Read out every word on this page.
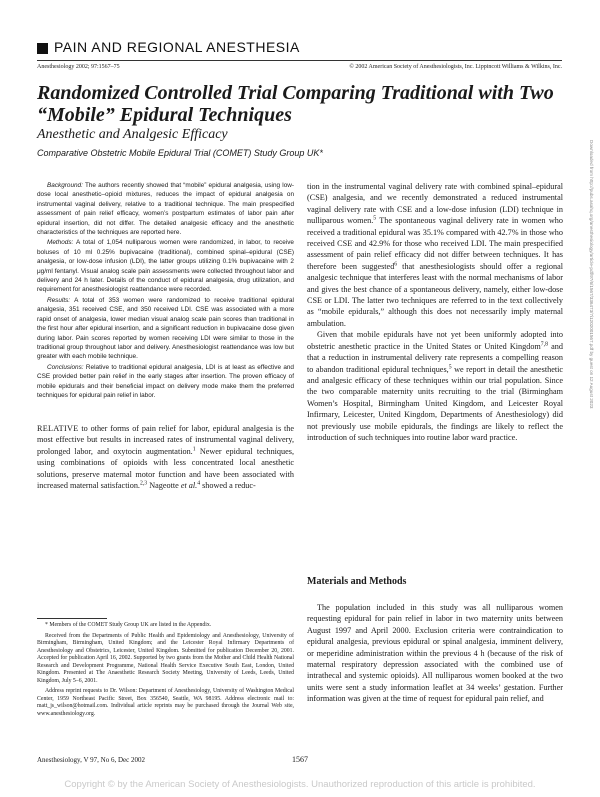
PAIN AND REGIONAL ANESTHESIA
Anesthesiology 2002; 97:1567–75	© 2002 American Society of Anesthesiologists, Inc. Lippincott Williams & Wilkins, Inc.
Randomized Controlled Trial Comparing Traditional with Two “Mobile” Epidural Techniques
Anesthetic and Analgesic Efficacy
Comparative Obstetric Mobile Epidural Trial (COMET) Study Group UK*

Background: The authors recently showed that “mobile” epidural analgesia, using low-dose local anesthetic–opioid mixtures, reduces the impact of epidural analgesia on instrumental vaginal delivery, relative to a traditional technique. The main prespecified assessment of pain relief efficacy, women’s postpartum estimates of labor pain after epidural insertion, did not differ. The detailed analgesic efficacy and the anesthetic characteristics of the techniques are reported here.

Methods: A total of 1,054 nulliparous women were randomized, in labor, to receive boluses of 10 ml 0.25% bupivacaine (traditional), combined spinal–epidural (CSE) analgesia, or low-dose infusion (LDI), the latter groups utilizing 0.1% bupivacaine with 2 μg/ml fentanyl. Visual analog scale pain assessments were collected throughout labor and delivery and 24 h later. Details of the conduct of epidural analgesia, drug utilization, and requirement for anesthesiologist reattendance were recorded.

Results: A total of 353 women were randomized to receive traditional epidural analgesia, 351 received CSE, and 350 received LDI. CSE was associated with a more rapid onset of analgesia, lower median visual analog scale pain scores than traditional in the first hour after epidural insertion, and a significant reduction in bupivacaine dose given during labor. Pain scores reported by women receiving LDI were similar to those in the traditional group throughout labor and delivery. Anesthesiologist reattendance was low but greater with each mobile technique.

Conclusions: Relative to traditional epidural analgesia, LDI is at least as effective and CSE provided better pain relief in the early stages after insertion. The proven efficacy of mobile epidurals and their beneficial impact on delivery mode make them the preferred techniques for epidural pain relief in labor.

RELATIVE to other forms of pain relief for labor, epidural analgesia is the most effective but results in increased rates of instrumental vaginal delivery, prolonged labor, and oxytocin augmentation.$^1$ Newer epidural techniques, using combinations of opioids with less concentrated local anesthetic solutions, preserve maternal motor function and have been associated with increased maternal satisfaction.$^{2,3}$ Nageotte et al.$^4$ showed a reduc-

* Members of the COMET Study Group UK are listed in the Appendix.

Received from the Departments of Public Health and Epidemiology and Anesthesiology, University of Birmingham, Birmingham, United Kingdom; and the Leicester Royal Infirmary Departments of Anesthesiology and Obstetrics, Leicester, United Kingdom. Submitted for publication December 20, 2001. Accepted for publication April 16, 2002. Supported by two grants from the Mother and Child Health National Research and Development Programme, National Health Service Executive South East, London, United Kingdom. Presented at The Anaesthetic Research Society Meeting, University of Leeds, Leeds, United Kingdom, July 5–6, 2001.

Address reprint requests to Dr. Wilson: Department of Anesthesiology, University of Washington Medical Center, 1959 Northeast Pacific Street, Box 356540, Seattle, WA 98195. Address electronic mail to: matt_js_wilson@hotmail.com. Individual article reprints may be purchased through the Journal Web site, www.anesthesiology.org.

tion in the instrumental vaginal delivery rate with combined spinal–epidural (CSE) analgesia, and we recently demonstrated a reduced instrumental vaginal delivery rate with CSE and a low-dose infusion (LDI) technique in nulliparous women.$^5$ The spontaneous vaginal delivery rate in women who received a traditional epidural was 35.1% compared with 42.7% in those who received CSE and 42.9% for those who received LDI. The main prespecified assessment of pain relief efficacy did not differ between techniques. It has therefore been suggested$^6$ that anesthesiologists should offer a regional analgesic technique that interferes least with the normal mechanisms of labor and gives the best chance of a spontaneous delivery, namely, either low-dose CSE or LDI. The latter two techniques are referred to in the text collectively as “mobile epidurals,” although this does not necessarily imply maternal ambulation.

Given that mobile epidurals have not yet been uniformly adopted into obstetric anesthetic practice in the United States or United Kingdom$^{7,8}$ and that a reduction in instrumental delivery rate represents a compelling reason to abandon traditional epidural techniques,$^5$ we report in detail the anesthetic and analgesic efficacy of these techniques within our trial population. Since the two comparable maternity units recruiting to the trial (Birmingham Women’s Hospital, Birmingham United Kingdom, and Leicester Royal Infirmary, Leicester, United Kingdom, Departments of Anesthesiology) did not previously use mobile epidurals, the findings are likely to reflect the introduction of such techniques into routine labor ward practice.

Materials and Methods

The population included in this study was all nulliparous women requesting epidural for pain relief in labor in two maternity units between August 1997 and April 2000. Exclusion criteria were contraindication to epidural analgesia, previous epidural or spinal analgesia, imminent delivery, or meperidine administration within the previous 4 h (because of the risk of maternal respiratory depression associated with the combined use of intrathecal and systemic opioids). All nulliparous women booked at the two units were sent a study information leaflet at 34 weeks’ gestation. Further information was given at the time of request for epidural pain relief, and

Anesthesiology, V 97, No 6, Dec 2002	1567
Copyright © by the American Society of Anesthesiologists. Unauthorized reproduction of this article is prohibited.
Downloaded from http://pubs.asahq.org/anesthesiology/article-pdf/97/6/1567/336473/7i1202001567.pdf by guest on 12 August 2023
